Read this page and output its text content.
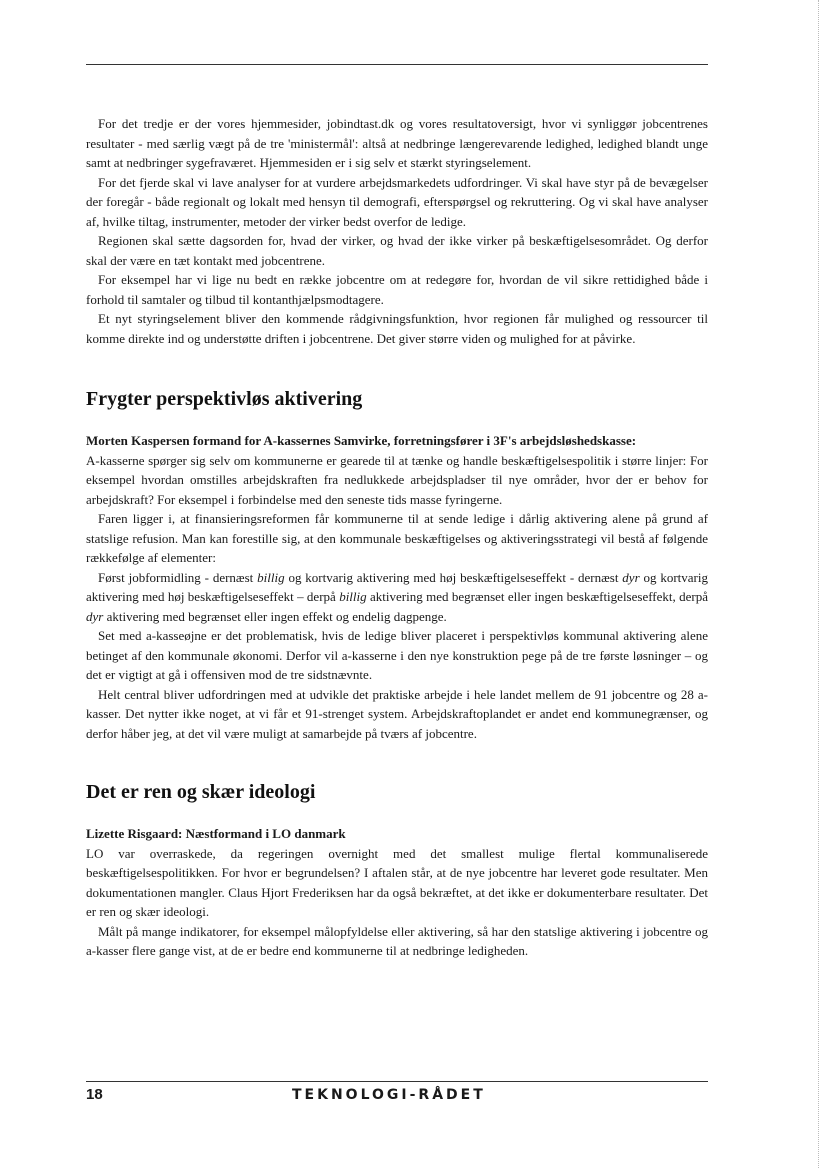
For det tredje er der vores hjemmesider, jobindtast.dk og vores resultatoversigt, hvor vi synliggør jobcentrenes resultater - med særlig vægt på de tre 'ministermål': altså at nedbringe længerevarende ledighed, ledighed blandt unge samt at nedbringer sygefraværet. Hjemmesiden er i sig selv et stærkt styringselement.

For det fjerde skal vi lave analyser for at vurdere arbejdsmarkedets udfordringer. Vi skal have styr på de bevægelser der foregår - både regionalt og lokalt med hensyn til demografi, efterspørgsel og rekruttering. Og vi skal have analyser af, hvilke tiltag, instrumenter, metoder der virker bedst overfor de ledige.

Regionen skal sætte dagsorden for, hvad der virker, og hvad der ikke virker på beskæftigelsesområdet. Og derfor skal der være en tæt kontakt med jobcentrene.

For eksempel har vi lige nu bedt en række jobcentre om at redegøre for, hvordan de vil sikre rettidighed både i forhold til samtaler og tilbud til kontanthjælpsmodtagere.

Et nyt styringselement bliver den kommende rådgivningsfunktion, hvor regionen får mulighed og ressourcer til komme direkte ind og understøtte driften i jobcentrene. Det giver større viden og mulighed for at påvirke.

Frygter perspektivløs aktivering
Morten Kaspersen formand for A-kassernes Samvirke, forretningsfører i 3F's arbejdsløshedskasse:

A-kasserne spørger sig selv om kommunerne er gearede til at tænke og handle beskæftigelsespolitik i større linjer: For eksempel hvordan omstilles arbejdskraften fra nedlukkede arbejdspladser til nye områder, hvor der er behov for arbejdskraft? For eksempel i forbindelse med den seneste tids masse fyringerne.

Faren ligger i, at finansieringsreformen får kommunerne til at sende ledige i dårlig aktivering alene på grund af statslige refusion. Man kan forestille sig, at den kommunale beskæftigelses og aktiveringsstrategi vil bestå af følgende rækkefølge af elementer:

Først jobformidling - dernæst billig og kortvarig aktivering med høj beskæftigelseseffekt - dernæst dyr og kortvarig aktivering med høj beskæftigelseseffekt – derpå billig aktivering med begrænset eller ingen beskæftigelseseffekt, derpå dyr aktivering med begrænset eller ingen effekt og endelig dagpenge.

Set med a-kasseøjne er det problematisk, hvis de ledige bliver placeret i perspektivløs kommunal aktivering alene betinget af den kommunale økonomi. Derfor vil a-kasserne i den nye konstruktion pege på de tre første løsninger – og det er vigtigt at gå i offensiven mod de tre sidstnævnte.

Helt central bliver udfordringen med at udvikle det praktiske arbejde i hele landet mellem de 91 jobcentre og 28 a-kasser. Det nytter ikke noget, at vi får et 91-strenget system. Arbejdskraftoplandet er andet end kommunegrænser, og derfor håber jeg, at det vil være muligt at samarbejde på tværs af jobcentre.

Det er ren og skær ideologi
Lizette Risgaard: Næstformand i LO danmark

LO var overraskede, da regeringen overnight med det smallest mulige flertal kommunaliserede beskæftigelsespolitikken. For hvor er begrundelsen? I aftalen står, at de nye jobcentre har leveret gode resultater. Men dokumentationen mangler. Claus Hjort Frederiksen har da også bekræftet, at det ikke er dokumenterbare resultater. Det er ren og skær ideologi.

Målt på mange indikatorer, for eksempel målopfyldelse eller aktivering, så har den statslige aktivering i jobcentre og a-kasser flere gange vist, at de er bedre end kommunerne til at nedbringe ledigheden.

18	TEKNOLOGI-RÅDET
